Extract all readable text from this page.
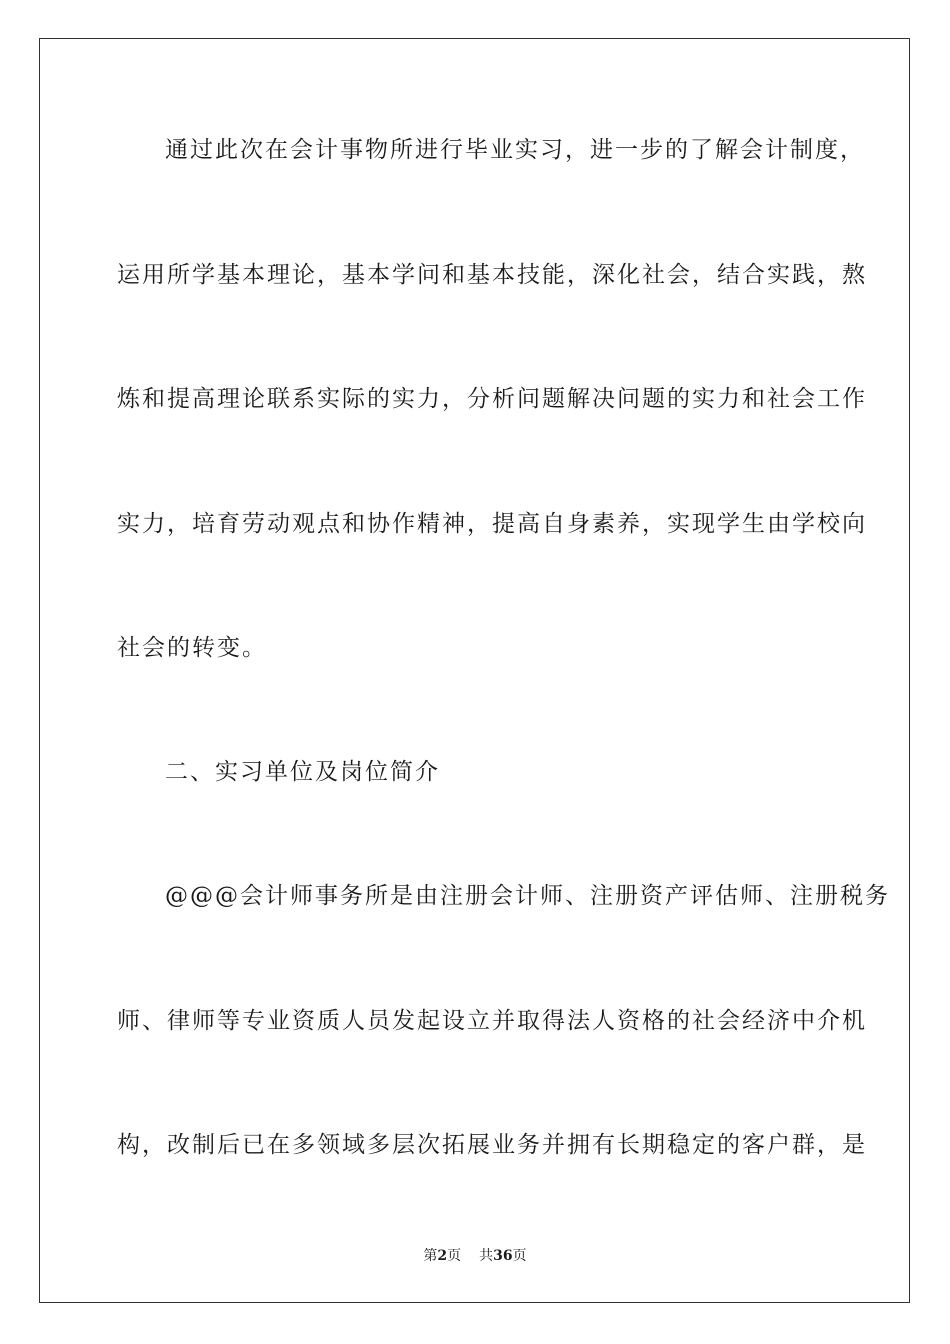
通过此次在会计事物所进行毕业实习，进一步的了解会计制度，
运用所学基本理论，基本学问和基本技能，深化社会，结合实践，熬
炼和提高理论联系实际的实力，分析问题解决问题的实力和社会工作
实力，培育劳动观点和协作精神，提高自身素养，实现学生由学校向
社会的转变。
二、实习单位及岗位简介
@@@会计师事务所是由注册会计师、注册资产评估师、注册税务
师、律师等专业资质人员发起设立并取得法人资格的社会经济中介机
构，改制后已在多领域多层次拓展业务并拥有长期稳定的客户群，是
第2页 共36页
